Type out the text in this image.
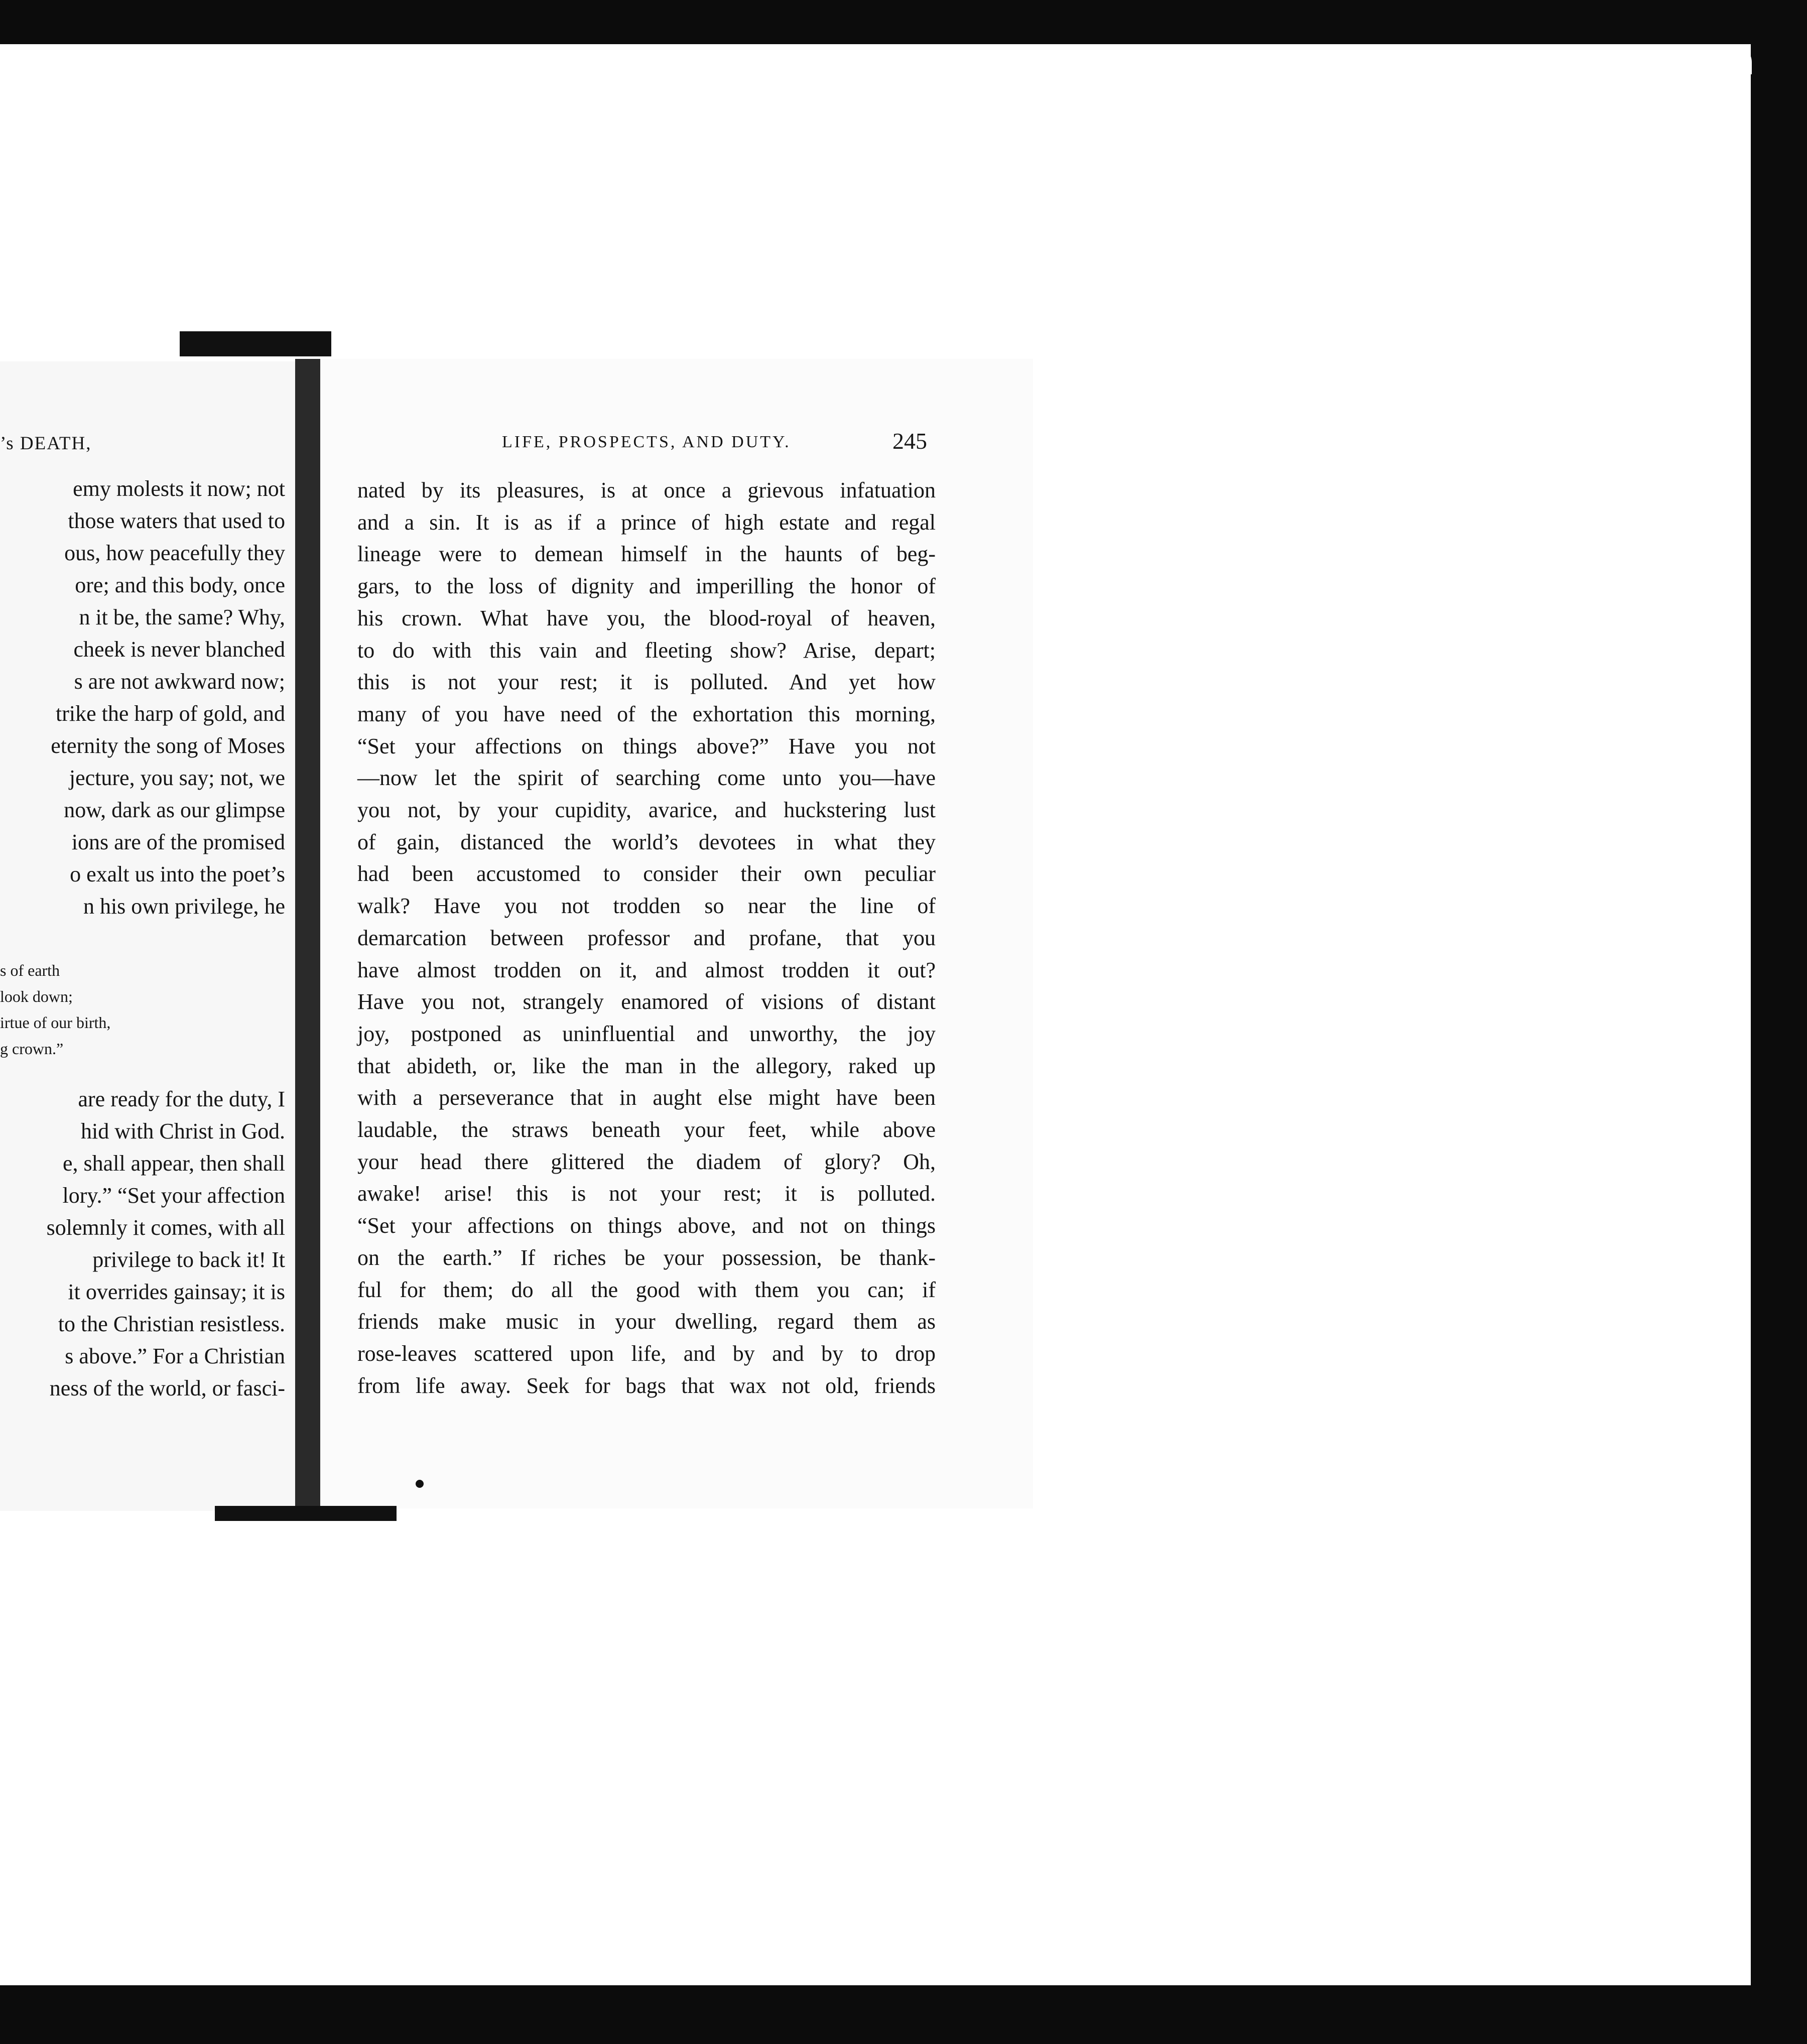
’s DEATH,
emy molests it now; not
those waters that used to
ous, how peacefully they
ore; and this body, once
n it be, the same? Why,
cheek is never blanched
s are not awkward now;
trike the harp of gold, and
eternity the song of Moses
jecture, you say; not, we
now, dark as our glimpse
ions are of the promised
o exalt us into the poet’s
n his own privilege, he
s of earth
look down;
irtue of our birth,
g crown.”
are ready for the duty, I
hid with Christ in God.
e, shall appear, then shall
lory.” “Set your affection
solemnly it comes, with all
privilege to back it! It
it overrides gainsay; it is
to the Christian resistless.
s above.” For a Christian
ness of the world, or fasci-
LIFE, PROSPECTS, AND DUTY.	245
nated by its pleasures, is at once a grievous infatuation
and a sin. It is as if a prince of high estate and regal
lineage were to demean himself in the haunts of beg-
gars, to the loss of dignity and imperilling the honor of
his crown. What have you, the blood-royal of heaven,
to do with this vain and fleeting show? Arise, depart;
this is not your rest; it is polluted. And yet how
many of you have need of the exhortation this morning,
“Set your affections on things above?” Have you not
—now let the spirit of searching come unto you—have
you not, by your cupidity, avarice, and huckstering lust
of gain, distanced the world’s devotees in what they
had been accustomed to consider their own peculiar
walk? Have you not trodden so near the line of
demarcation between professor and profane, that you
have almost trodden on it, and almost trodden it out?
Have you not, strangely enamored of visions of distant
joy, postponed as uninfluential and unworthy, the joy
that abideth, or, like the man in the allegory, raked up
with a perseverance that in aught else might have been
laudable, the straws beneath your feet, while above
your head there glittered the diadem of glory? Oh,
awake! arise! this is not your rest; it is polluted.
“Set your affections on things above, and not on things
on the earth.” If riches be your possession, be thank-
ful for them; do all the good with them you can; if
friends make music in your dwelling, regard them as
rose-leaves scattered upon life, and by and by to drop
from life away. Seek for bags that wax not old, friends
